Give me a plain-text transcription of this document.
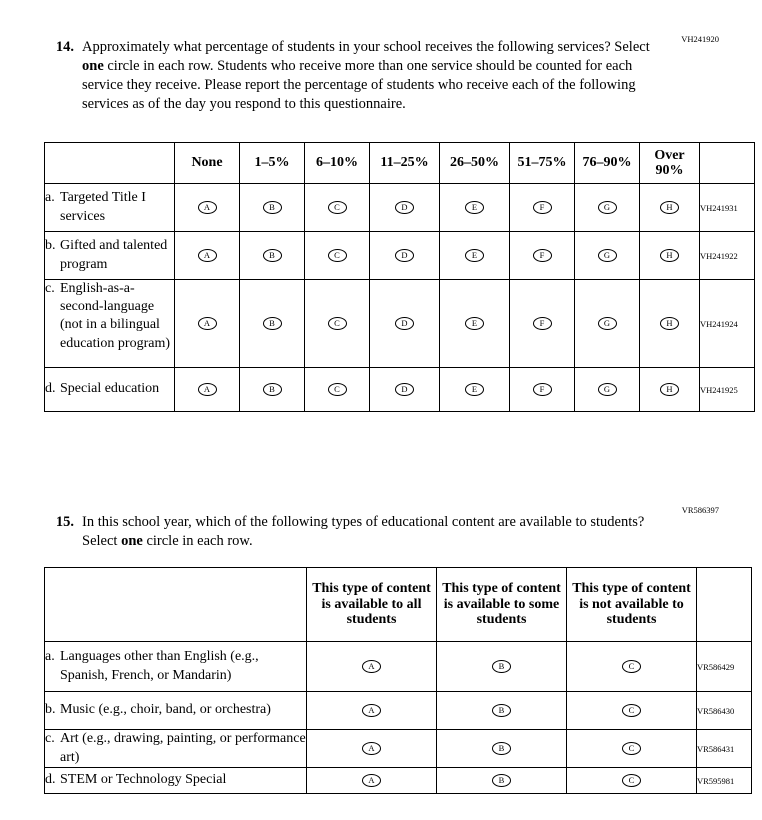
VH241920
14. Approximately what percentage of students in your school receives the following services? Select one circle in each row. Students who receive more than one service should be counted for each service they receive. Please report the percentage of students who receive each of the following services as of the day you respond to this questionnaire.
	None	1–5%	6–10%	11–25%	26–50%	51–75%	76–90%	Over 90%	

a. Targeted Title I services	A	B	C	D	E	F	G	H	VH241931

b. Gifted and talented program	A	B	C	D	E	F	G	H	VH241922

c. English-as-a-second-language (not in a bilingual education program)	A	B	C	D	E	F	G	H	VH241924

d. Special education	A	B	C	D	E	F	G	H	VH241925
VR586397
15. In this school year, which of the following types of educational content are available to students? Select one circle in each row.
	This type of content is available to all students	This type of content is available to some students	This type of content is not available to students	

a. Languages other than English (e.g., Spanish, French, or Mandarin)	A	B	C	VR586429

b. Music (e.g., choir, band, or orchestra)	A	B	C	VR586430

c. Art (e.g., drawing, painting, or performance art)	A	B	C	VR586431

d. STEM or Technology Special	A	B	C	VR595981
